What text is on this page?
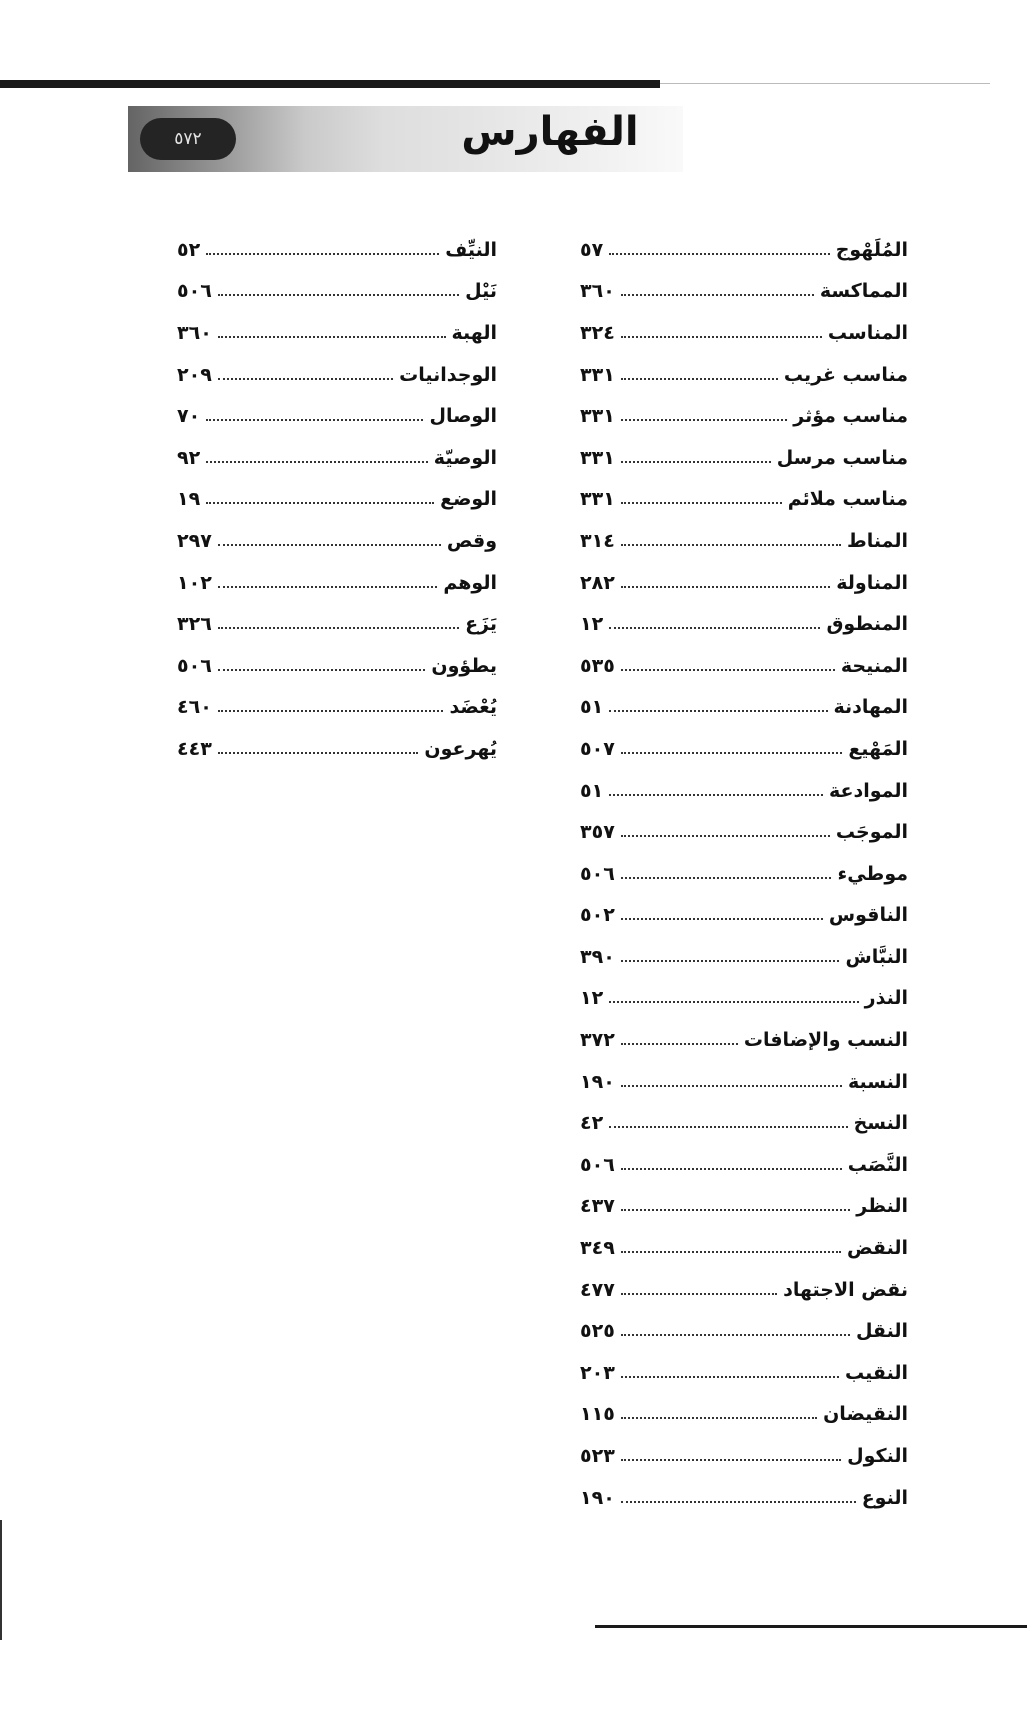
٥٧٢	الفهارس
المُلَهْوج
٥٧
المماكسة
٣٦٠
المناسب
٣٢٤
مناسب غريب
٣٣١
مناسب مؤثر
٣٣١
مناسب مرسل
٣٣١
مناسب ملائم
٣٣١
المناط
٣١٤
المناولة
٢٨٢
المنطوق
١٢
المنيحة
٥٣٥
المهادنة
٥١
المَهْيع
٥٠٧
الموادعة
٥١
الموجَب
٣٥٧
موطيء
٥٠٦
الناقوس
٥٠٢
النبَّاش
٣٩٠
النذر
١٢
النسب والإضافات
٣٧٢
النسبة
١٩٠
النسخ
٤٢
النَّصَب
٥٠٦
النظر
٤٣٧
النقض
٣٤٩
نقض الاجتهاد
٤٧٧
النقل
٥٢٥
النقيب
٢٠٣
النقيضان
١١٥
النكول
٥٢٣
النوع
١٩٠
النيِّف
٥٢
نَيْل
٥٠٦
الهبة
٣٦٠
الوجدانيات
٢٠٩
الوصال
٧٠
الوصيّة
٩٢
الوضع
١٩
وقص
٢٩٧
الوهم
١٠٢
يَزَع
٣٢٦
يطؤون
٥٠٦
يُعْضَد
٤٦٠
يُهرعون
٤٤٣
